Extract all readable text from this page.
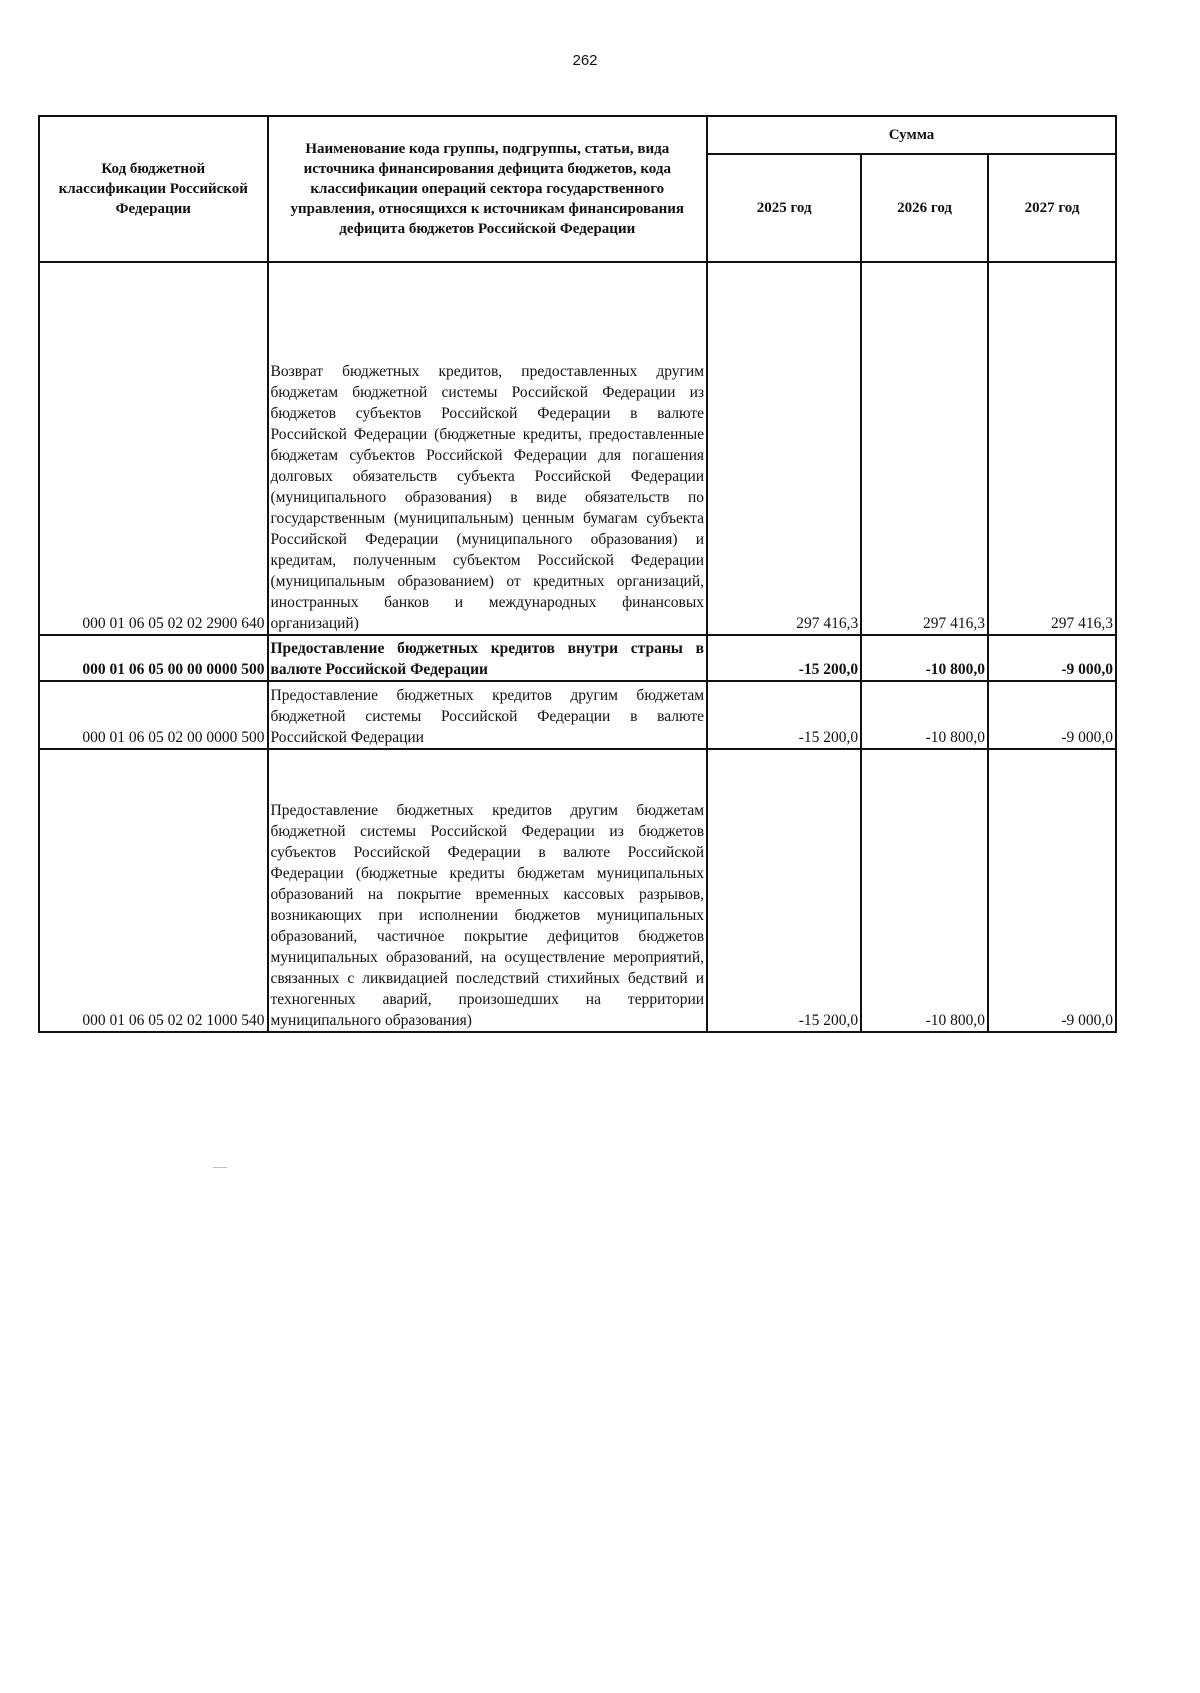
262
Код бюджетной классификации Российской Федерации	Наименование кода группы, подгруппы, статьи, вида источника финансирования дефицита бюджетов, кода классификации операций сектора государственного управления, относящихся к источникам финансирования дефицита бюджетов Российской Федерации	Сумма		
		2025 год	2026 год	2027 год
000 01 06 05 02 02 2900 640	Возврат бюджетных кредитов, предоставленных другим бюджетам бюджетной системы Российской Федерации из бюджетов субъектов Российской Федерации в валюте Российской Федерации (бюджетные кредиты, предоставленные бюджетам субъектов Российской Федерации для погашения долговых обязательств субъекта Российской Федерации (муниципального образования) в виде обязательств по государственным (муниципальным) ценным бумагам субъекта Российской Федерации (муниципального образования) и кредитам, полученным субъектом Российской Федерации (муниципальным образованием) от кредитных организаций, иностранных банков и международных финансовых организаций)	297 416,3	297 416,3	297 416,3
000 01 06 05 00 00 0000 500	Предоставление бюджетных кредитов внутри страны в валюте Российской Федерации	-15 200,0	-10 800,0	-9 000,0
000 01 06 05 02 00 0000 500	Предоставление бюджетных кредитов другим бюджетам бюджетной системы Российской Федерации в валюте Российской Федерации	-15 200,0	-10 800,0	-9 000,0
000 01 06 05 02 02 1000 540	Предоставление бюджетных кредитов другим бюджетам бюджетной системы Российской Федерации из бюджетов субъектов Российской Федерации в валюте Российской Федерации (бюджетные кредиты бюджетам муниципальных образований на покрытие временных кассовых разрывов, возникающих при исполнении бюджетов муниципальных образований, частичное покрытие дефицитов бюджетов муниципальных образований, на осуществление мероприятий, связанных с ликвидацией последствий стихийных бедствий и техногенных аварий, произошедших на территории муниципального образования)	-15 200,0	-10 800,0	-9 000,0
